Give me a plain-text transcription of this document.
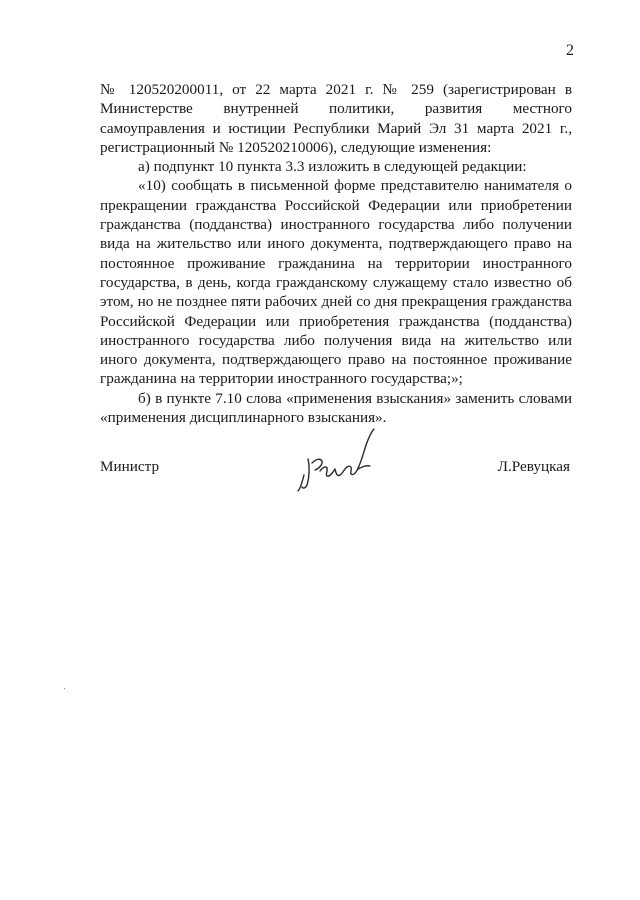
2

№ 120520200011, от 22 марта 2021 г. № 259 (зарегистрирован в Министерстве внутренней политики, развития местного самоуправления и юстиции Республики Марий Эл 31 марта 2021 г., регистрационный № 120520210006), следующие изменения:

а) подпункт 10 пункта 3.3 изложить в следующей редакции:

«10) сообщать в письменной форме представителю нанимателя о прекращении гражданства Российской Федерации или приобретении гражданства (подданства) иностранного государства либо получении вида на жительство или иного документа, подтверждающего право на постоянное проживание гражданина на территории иностранного государства, в день, когда гражданскому служащему стало известно об этом, но не позднее пяти рабочих дней со дня прекращения гражданства Российской Федерации или приобретения гражданства (подданства) иностранного государства либо получения вида на жительство или иного документа, подтверждающего право на постоянное проживание гражданина на территории иностранного государства;»;

б) в пункте 7.10 слова «применения взыскания» заменить словами «применения дисциплинарного взыскания».

Министр	Л.Ревуцкая
